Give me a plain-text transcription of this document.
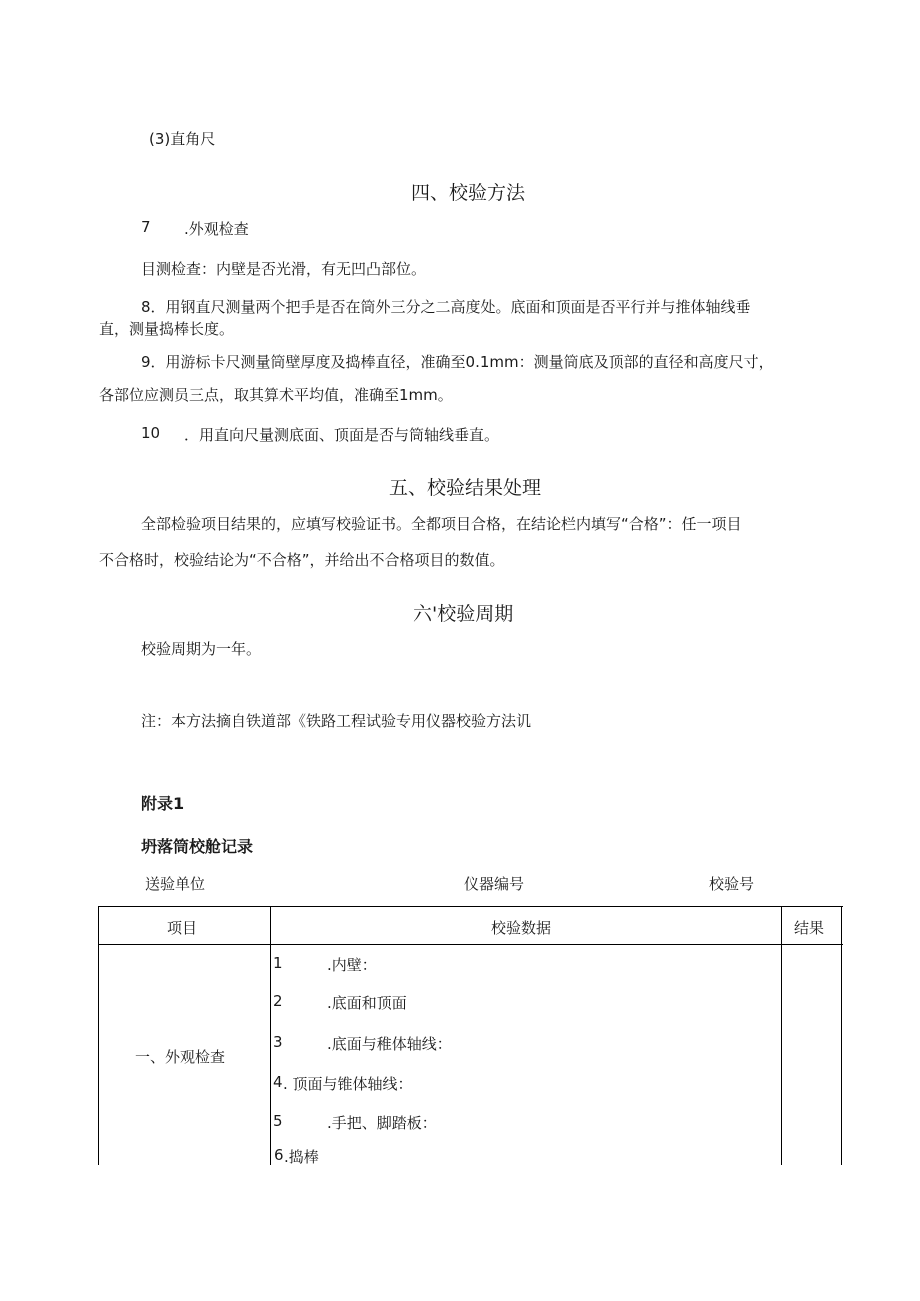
(3)直角尺
四、校验方法
7 .外观检查
目测检查：内壁是否光滑，有无凹凸部位。
8．用钢直尺测量两个把手是否在筒外三分之二高度处。底面和顶面是否平行并与推体轴线垂
直，测量捣棒长度。
9．用游标卡尺测量筒壁厚度及捣棒直径，准确至0.1mm：测量筒底及顶部的直径和高度尺寸，
各部位应测员三点，取其算术平均值，准确至1mm。
10 ．用直向尺量测底面、顶面是否与筒轴线垂直。
五、校验结果处理
全部检验项目结果的，应填写校验证书。全都项目合格，在结论栏内填写“合格”：任一项目
不合格时，校验结论为“不合格”，并给出不合格项目的数值。
六'校验周期
校验周期为一年。
注：本方法摘自铁道部《铁路工程试验专用仪器校验方法讥
附录1
坍落筒校舱记录
送验单位	仪器编号	校验号
项目	校验数据	结果
一、外观检查
1	.内壁：
2	.底面和顶面
3	.底面与稚体轴线：
4 . 顶面与锥体轴线：
5	.手把、脚踏板：
6 .捣棒
